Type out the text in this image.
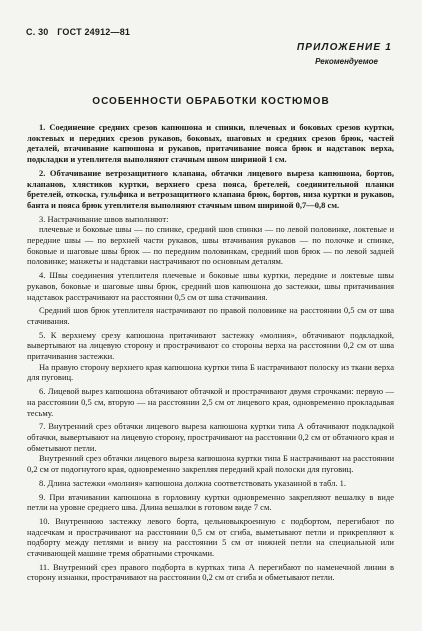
С. 30 ГОСТ 24912—81
ПРИЛОЖЕНИЕ 1
Рекомендуемое
ОСОБЕННОСТИ ОБРАБОТКИ КОСТЮМОВ

1. Соединение средних срезов капюшона и спинки, плечевых и боковых срезов куртки, локтевых и передних срезов рукавов, боковых, шаговых и средних срезов брюк, частей деталей, втачивание капюшона и рукавов, притачивание пояса брюк и надставок верха, подкладки и утеплителя выполняют стачным швом шириной 1 см.

2. Обтачивание ветрозащитного клапана, обтачки лицевого выреза капюшона, бортов, клапанов, хлястиков куртки, верхнего среза пояса, бретелей, соединительной планки бретелей, откоска, гульфика и ветрозащитного клапана брюк, бортов, низа куртки и рукавов, банта и пояса брюк утеплителя выполняют стачным швом шириной 0,7—0,8 см.

3. Настрачивание швов выполняют:

плечевые и боковые швы — по спинке, средний шов спинки — по левой половинке, локтевые и передние швы — по верхней части рукавов, швы втачивания рукавов — по полочке и спинке, боковые и шаговые швы брюк — по передним половинкам, средний шов брюк — по левой задней половинке; манжеты и надставки настрачивают по основным деталям.

4. Швы соединения утеплителя плечевые и боковые швы куртки, передние и локтевые швы рукавов, боковые и шаговые швы брюк, средний шов капюшона до застежки, швы притачивания надставок расстрачивают на расстоянии 0,5 см от шва стачивания.

Средний шов брюк утеплителя настрачивают по правой половинке на расстоянии 0,5 см от шва стачивания.

5. К верхнему срезу капюшона притачивают застежку «молния», обтачивают подкладкой, вывертывают на лицевую сторону и прострачивают со стороны верха на расстоянии 0,2 см от шва притачивания застежки.

На правую сторону верхнего края капюшона куртки типа Б настрачивают полоску из ткани верха для пуговиц.

6. Лицевой вырез капюшона обтачивают обтачкой и прострачивают двумя строчками: первую — на расстоянии 0,5 см, вторую — на расстоянии 2,5 см от лицевого края, одновременно прокладывая тесьму.

7. Внутренний срез обтачки лицевого выреза капюшона куртки типа А обтачивают подкладкой обтачки, вывертывают на лицевую сторону, прострачивают на расстоянии 0,2 см от обтачного края и обметывают петли.

Внутренний срез обтачки лицевого выреза капюшона куртки типа Б настрачивают на расстоянии 0,2 см от подогнутого края, одновременно закрепляя передний край полоски для пуговиц.

8. Длина застежки «молния» капюшона должна соответствовать указанной в табл. 1.

9. При втачивании капюшона в горловину куртки одновременно закрепляют вешалку в виде петли на уровне среднего шва. Длина вешалки в готовом виде 7 см.

10. Внутреннюю застежку левого борта, цельновыкроенную с подбортом, перегибают по надсечкам и прострачивают на расстоянии 0,5 см от сгиба, выметывают петли и прикрепляют к подборту между петлями и внизу на расстоянии 5 см от нижней петли на специальной или стачивающей машине тремя обратными строчками.

11. Внутренний срез правого подборта в куртках типа А перегибают по наменечной линии в сторону изнанки, прострачивают на расстоянии 0,2 см от сгиба и обметывают петли.
